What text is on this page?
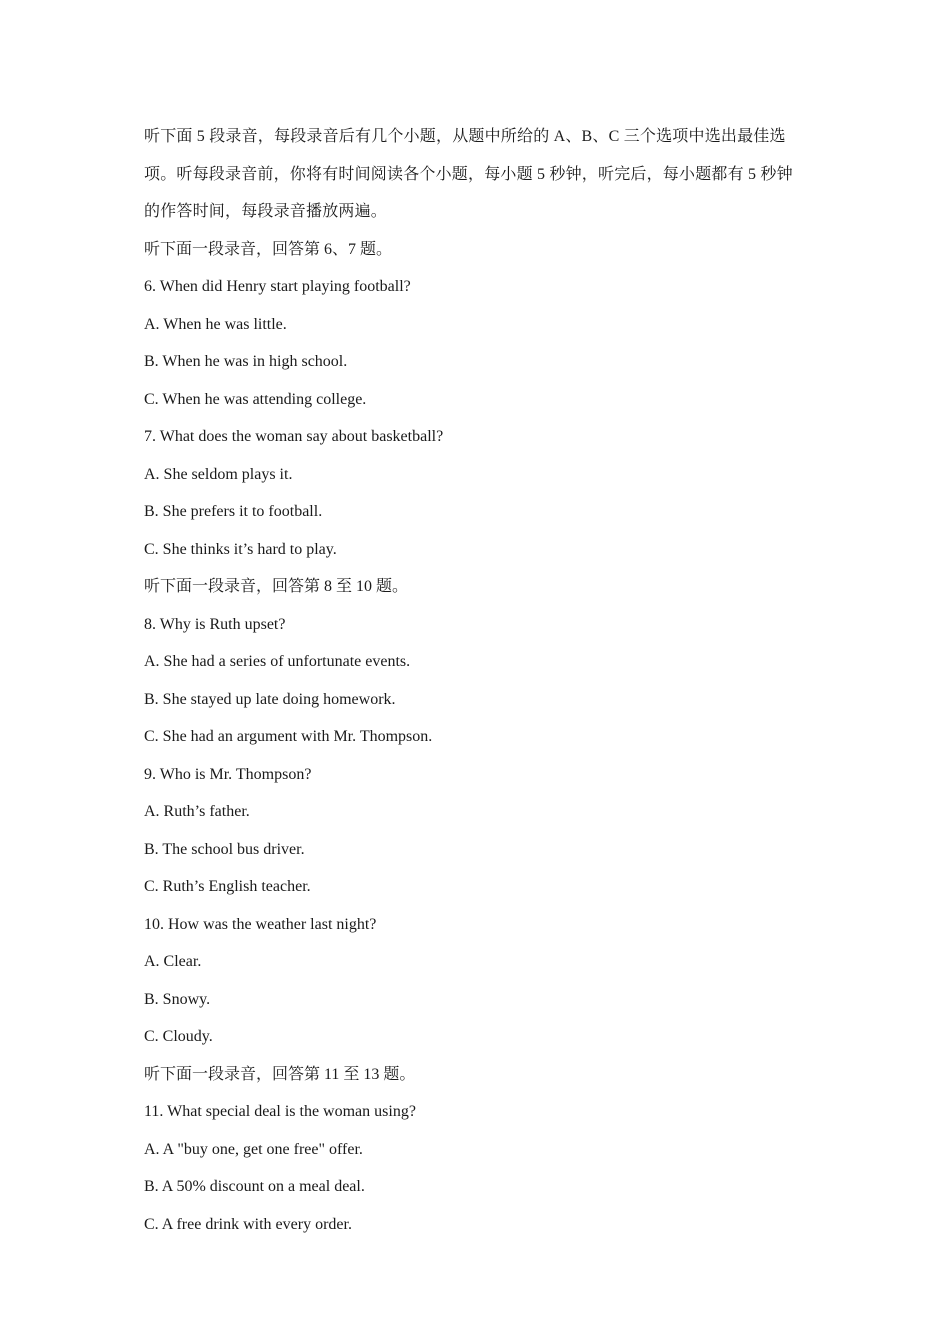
听下面 5 段录音，每段录音后有几个小题，从题中所给的 A、B、C 三个选项中选出最佳选项。听每段录音前，你将有时间阅读各个小题，每小题 5 秒钟，听完后，每小题都有 5 秒钟的作答时间，每段录音播放两遍。

听下面一段录音，回答第 6、7 题。

6. When did Henry start playing football?

A. When he was little.

B. When he was in high school.

C. When he was attending college.

7. What does the woman say about basketball?

A. She seldom plays it.

B. She prefers it to football.

C. She thinks it’s hard to play.

听下面一段录音，回答第 8 至 10 题。

8. Why is Ruth upset?

A. She had a series of unfortunate events.

B. She stayed up late doing homework.

C. She had an argument with Mr. Thompson.

9. Who is Mr. Thompson?

A. Ruth’s father.

B. The school bus driver.

C. Ruth’s English teacher.

10. How was the weather last night?

A. Clear.

B. Snowy.

C. Cloudy.

听下面一段录音，回答第 11 至 13 题。

11. What special deal is the woman using?

A. A "buy one, get one free" offer.

B. A 50% discount on a meal deal.

C. A free drink with every order.
